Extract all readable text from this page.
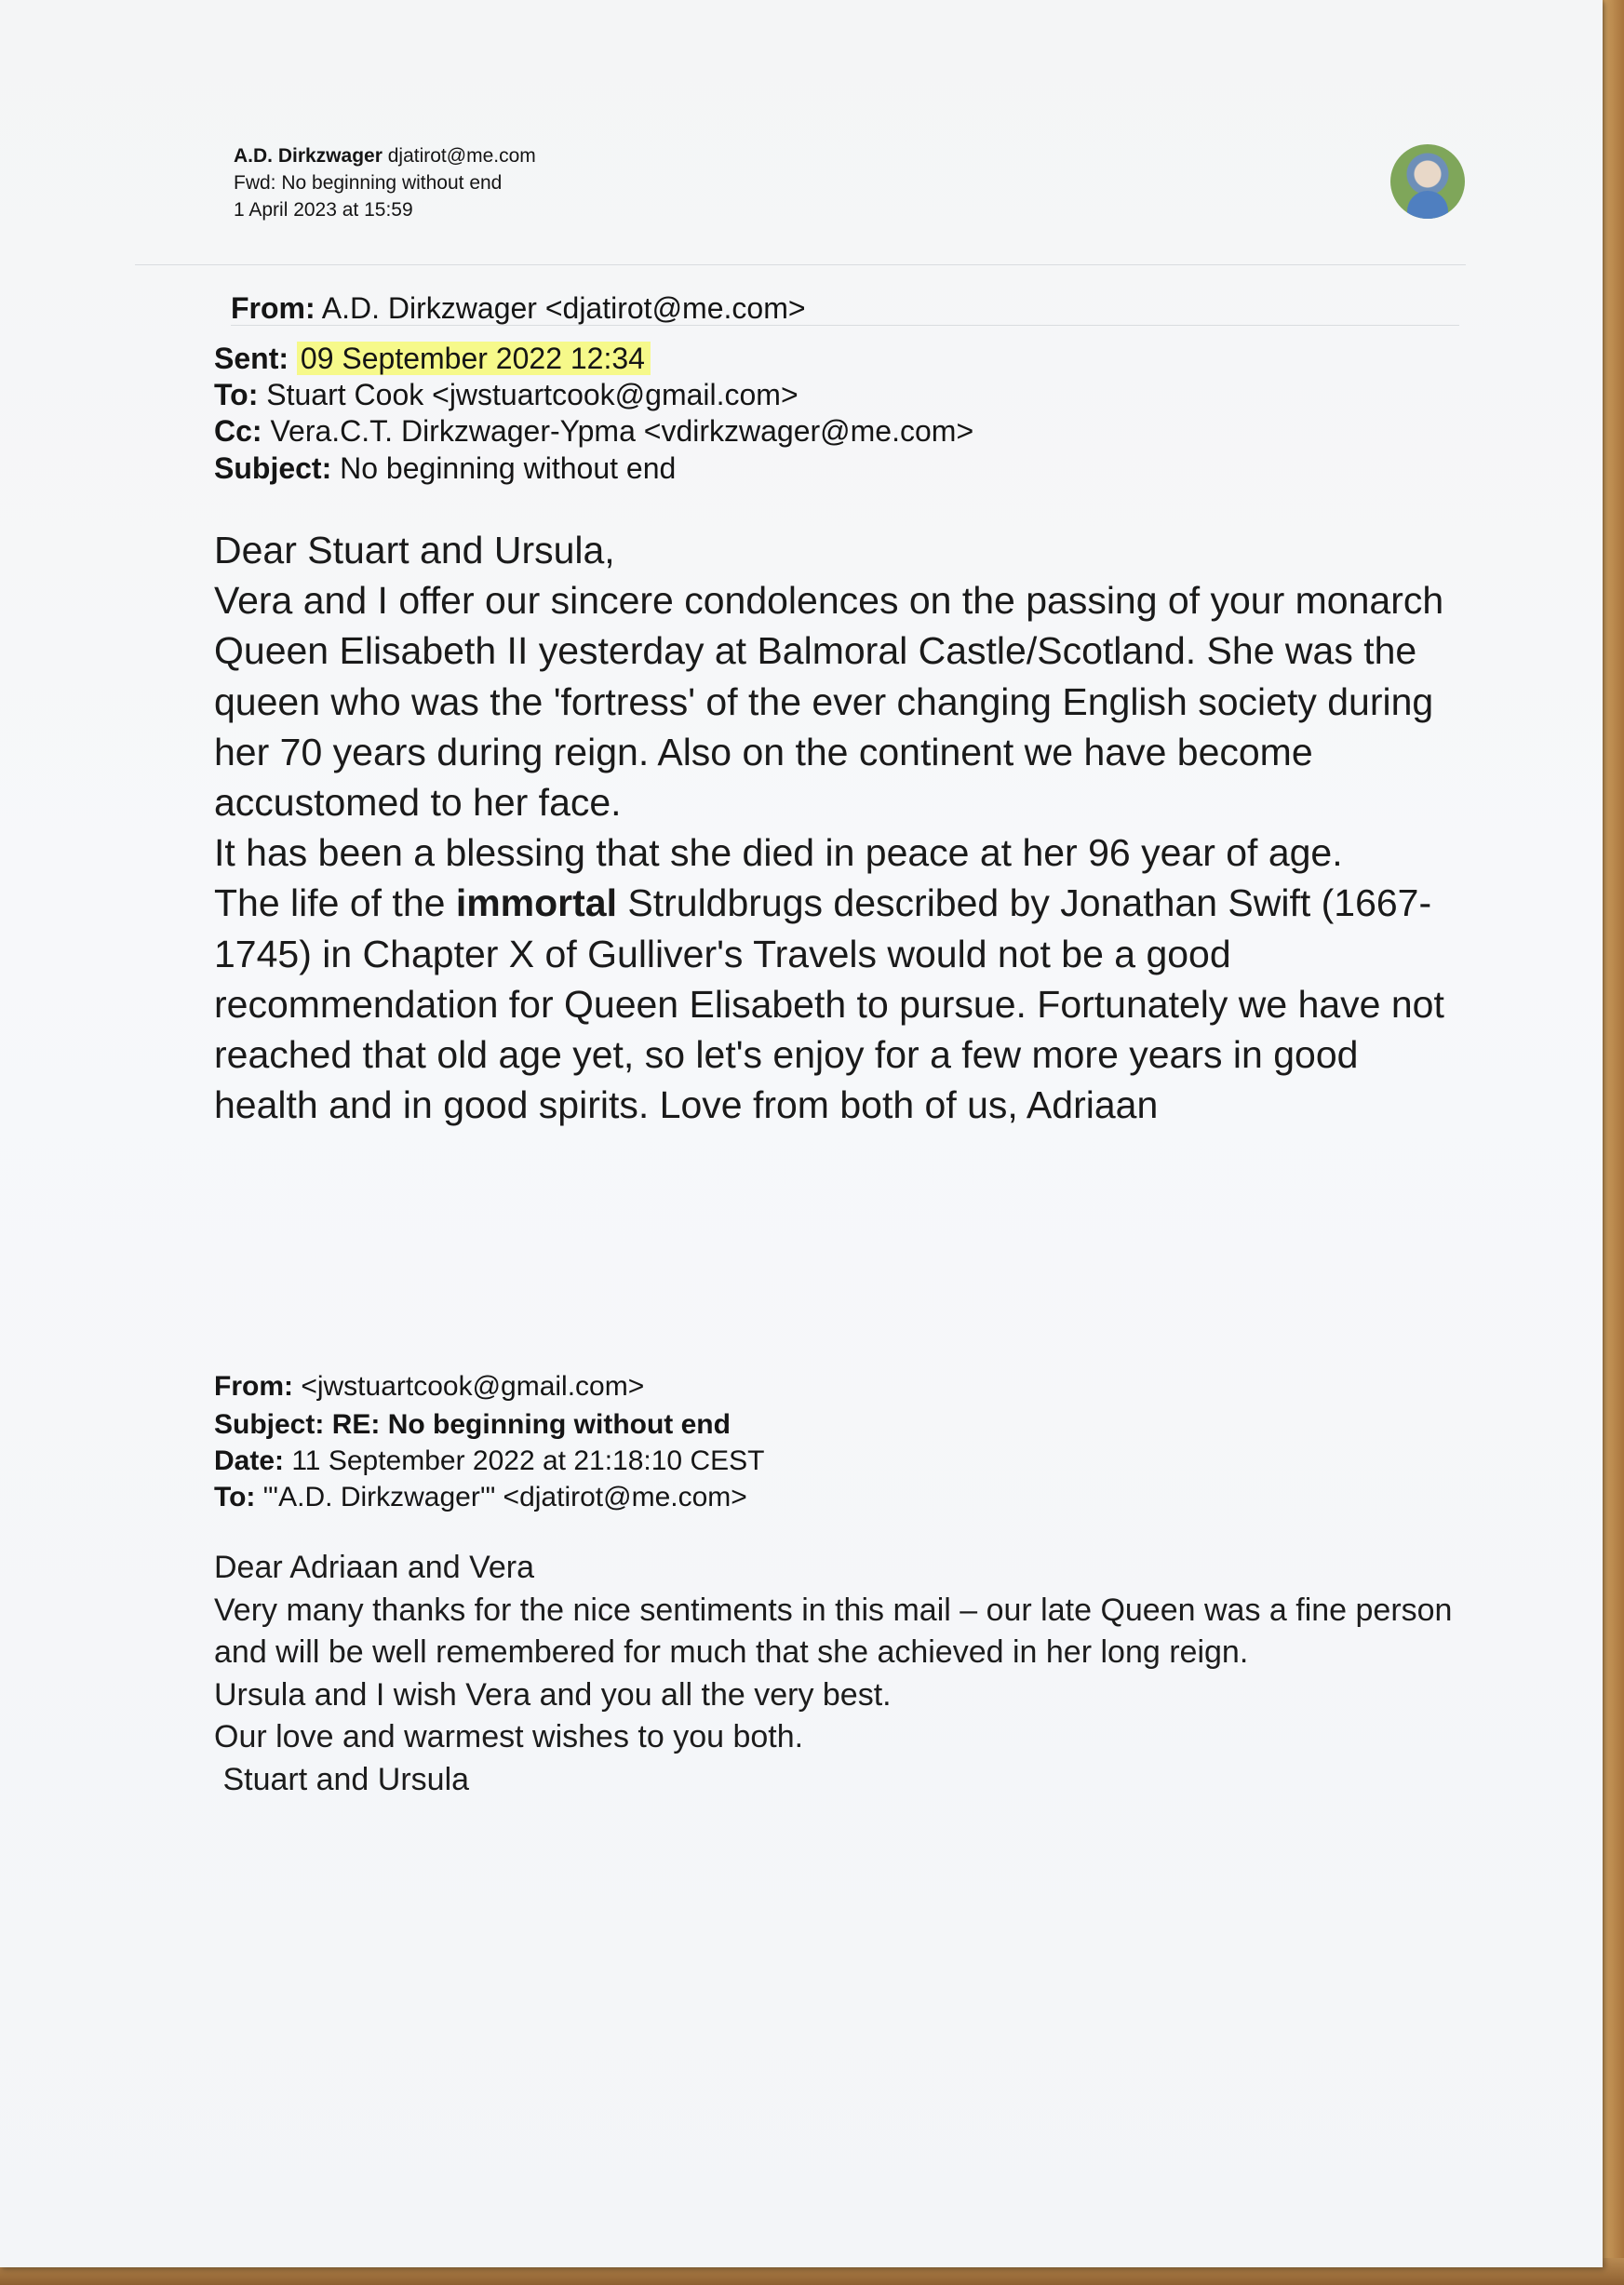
A.D. Dirkzwager djatirot@me.com
Fwd: No beginning without end
1 April 2023 at 15:59
From: A.D. Dirkzwager <djatirot@me.com>
Sent: 09 September 2022 12:34
To: Stuart Cook <jwstuartcook@gmail.com>
Cc: Vera.C.T. Dirkzwager-Ypma <vdirkzwager@me.com>
Subject: No beginning without end

Dear Stuart and Ursula,

Vera and I offer our sincere condolences on the passing of your monarch Queen Elisabeth II yesterday at Balmoral Castle/Scotland. She was the queen who was the 'fortress' of the ever changing English society during her 70 years during reign. Also on the continent we have become accustomed to her face.

It has been a blessing that she died in peace at her 96 year of age.

The life of the immortal Struldbrugs described by Jonathan Swift (1667-1745) in Chapter X of Gulliver's Travels would not be a good recommendation for Queen Elisabeth to pursue. Fortunately we have not reached that old age yet, so let's enjoy for a few more years in good health and in good spirits. Love from both of us, Adriaan

From: <jwstuartcook@gmail.com>
Subject: RE: No beginning without end
Date: 11 September 2022 at 21:18:10 CEST
To: "'A.D. Dirkzwager'" <djatirot@me.com>

Dear Adriaan and Vera

Very many thanks for the nice sentiments in this mail – our late Queen was a fine person and will be well remembered for much that she achieved in her long reign.

Ursula and I wish Vera and you all the very best.

Our love and warmest wishes to you both.

Stuart and Ursula
